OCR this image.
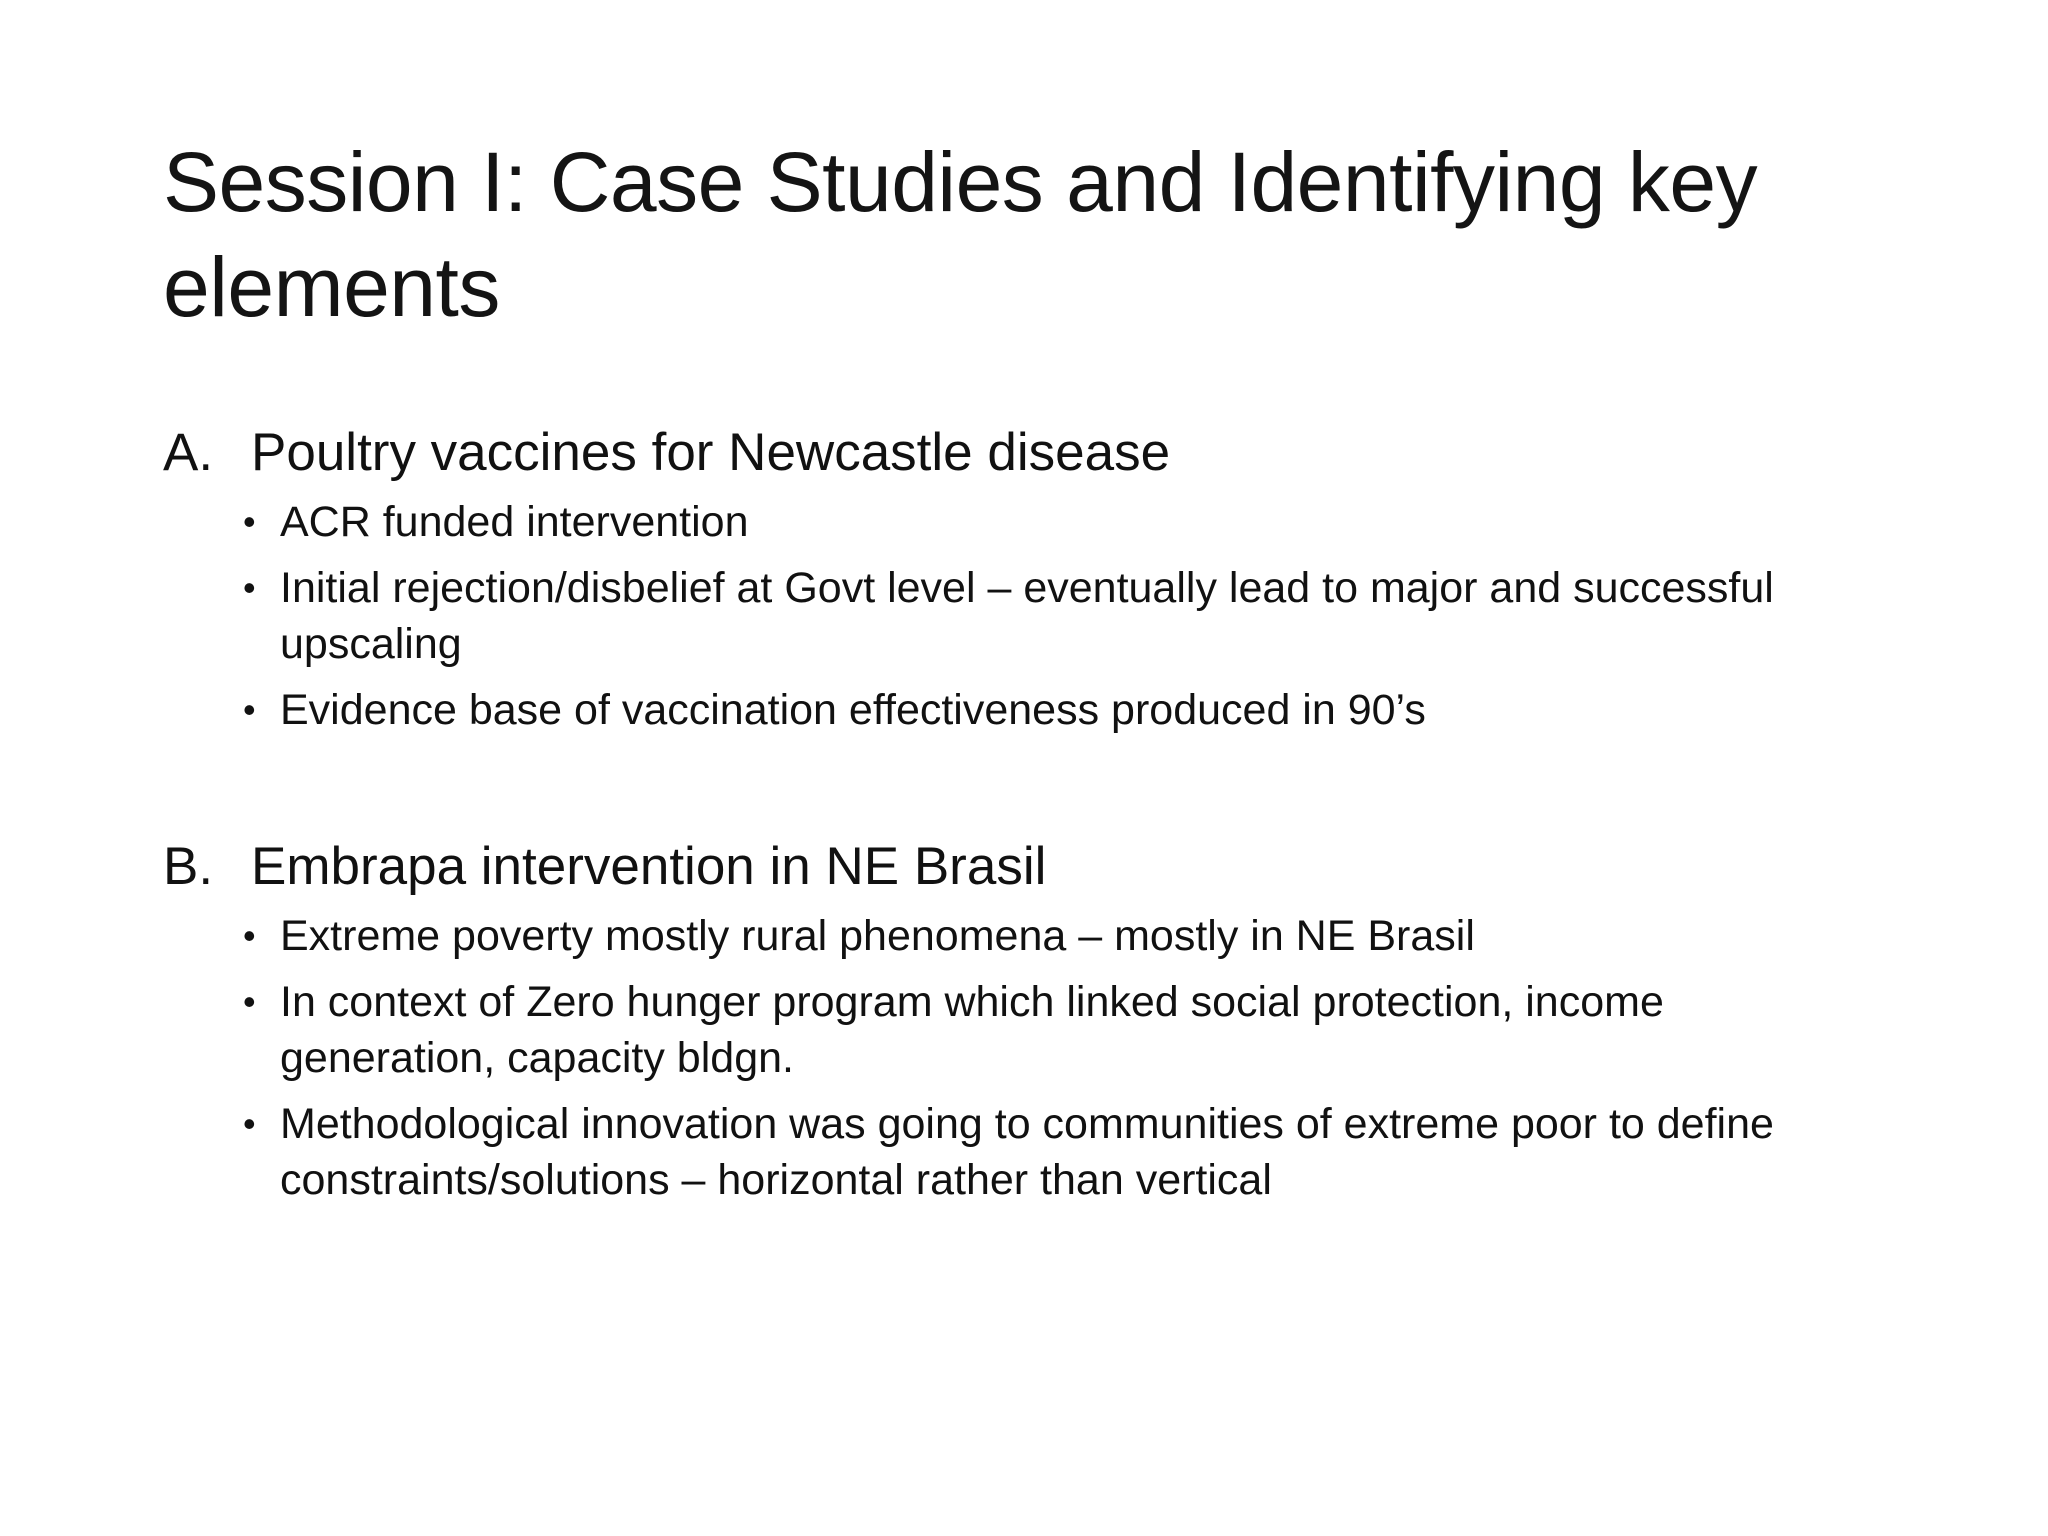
Session I: Case Studies and Identifying key elements
A. Poultry vaccines for Newcastle disease
• ACR funded intervention
• Initial rejection/disbelief at Govt level – eventually lead to major and successful upscaling
• Evidence base of vaccination effectiveness produced in 90’s
B. Embrapa intervention in NE Brasil
• Extreme poverty mostly rural phenomena – mostly in NE Brasil
• In context of Zero hunger program which linked social protection, income generation, capacity bldgn.
• Methodological innovation was going to communities of extreme poor to define constraints/solutions – horizontal rather than vertical
